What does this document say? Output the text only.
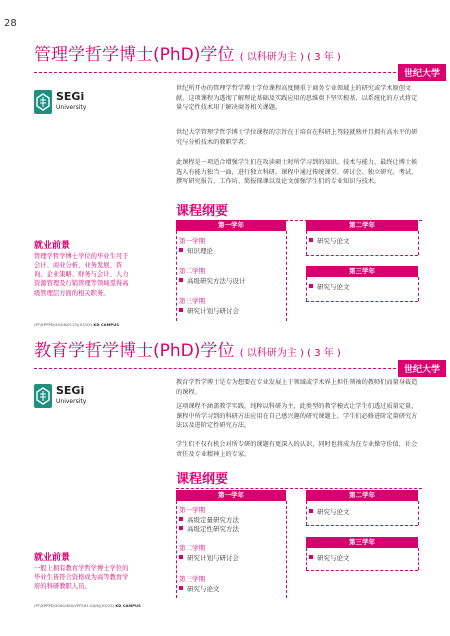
28
管理学哲学博士(PhD)学位 ( 以科研为主 ) ( 3 年 )
世纪大学
SEGi
University

世纪所开办的管理学哲学博士学位课程高度侧重于商务专业领域上的研究或学术原创文献。这项课程为透彻了解理论基础及实践应用的思维奠下坚实根基，以系统化的方式将定量与定性技术用于解决商务相关课题。

世纪大学管理学哲学博士学位课程的宗旨在于培育在科研上驾轻就熟并且拥有高水平的研究与分析技术的教职学者。

此课程是一项适合增强学生们在攻读硕士时所学习到的知识、技术与能力，最终让博士候选人有能力独当一面，进行独立科研。课程中通过传统课堂、研讨会、独立研究、考试、撰写研究报告、工作坊、简报探课以及论文加强学生们的专业知识与技术。

课程纲要
第一学年
第一学期
知识理论
第二学期
高级研究方法与设计
第三学期
研究计划与研讨会
第二学年
研究与论文
第三学年
研究与论文
就业前景

管理学哲学博士学位的毕业生可于会计、商业分析、业务发展、咨询、企业策略、财务与会计、人力资源管理及行销管理等领域觅得高级管理层方面的相关职务。

(PT/KPPPD/343/8/0113)(03/25) KD CAMPUS
教育学哲学博士(PhD)学位 ( 以科研为主 ) ( 3 年 )
世纪大学
SEGi
University

教育学哲学博士是专为想要在专业发展上于领域或学术界上担任领袖的教师们而量身裁造的课程。

这项课程不涵盖教学实践，纯粹以科研为主，此类型的教学模式让学生们透过质量定量、课程中所学习到的科研方法应用在自己感兴趣的研究课题上。学生们必修进阶定量研究方法以及进阶定性研究方法。

学生们不仅有机会对所专研的课题有更深入的认识，同时也将成为在专业操守价值，社会责任及专业精神上的专家。

课程纲要
第一学年
第一学期
高级定量研究方法
高级定性研究方法
第二学期
研究计划与研讨会
第三学期
研究与论文
第二学年
研究与论文
第三学年
研究与论文
就业前景

一般上拥有教育学哲学博士学位的毕业生皆符合资格成为高等教育学府的科研教职人员。

(PT/KPPPD/3000/480/VPP181.0A/6)(03/25) KD CAMPUS
